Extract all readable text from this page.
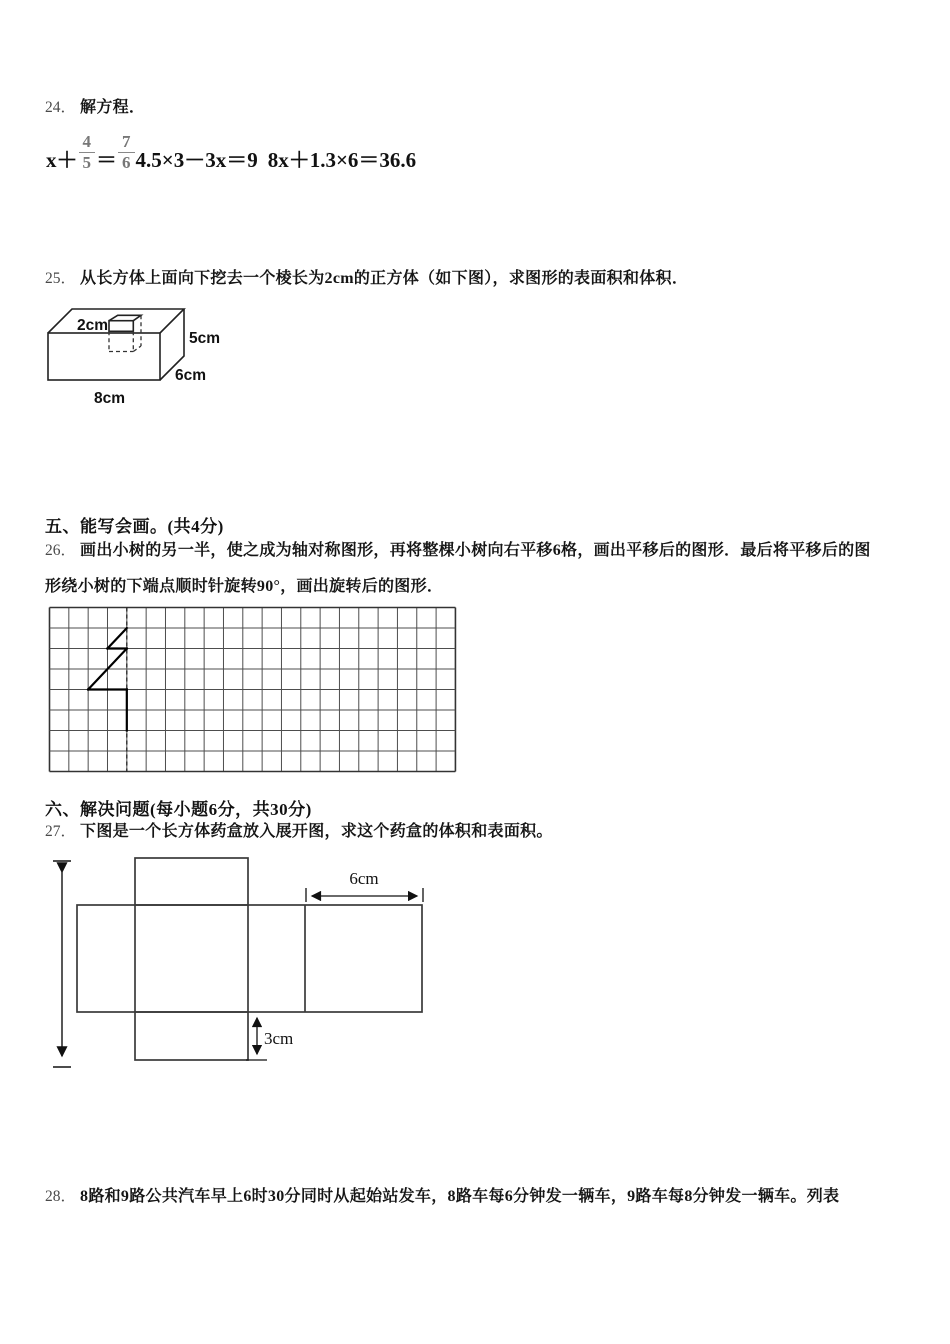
24． 解方程．
$x+ \frac{4}{5} = \frac{7}{6} 4.5\times 3-3x=9$ 8x＋1.3×6＝36.6
25． 从长方体上面向下挖去一个棱长为2cm的正方体（如下图），求图形的表面积和体积．
2cm
5cm
6cm
8cm
五、能写会画。(共4分)
26． 画出小树的另一半，使之成为轴对称图形，再将整棵小树向右平移6格，画出平移后的图形．最后将平移后的图
形绕小树的下端点顺时针旋转90°，画出旋转后的图形．
六、解决问题(每小题6分，共30分)
27． 下图是一个长方体药盒放入展开图，求这个药盒的体积和表面积。
6cm
3cm
28． 8路和9路公共汽车早上6时30分同时从起始站发车，8路车每6分钟发一辆车，9路车每8分钟发一辆车。列表
